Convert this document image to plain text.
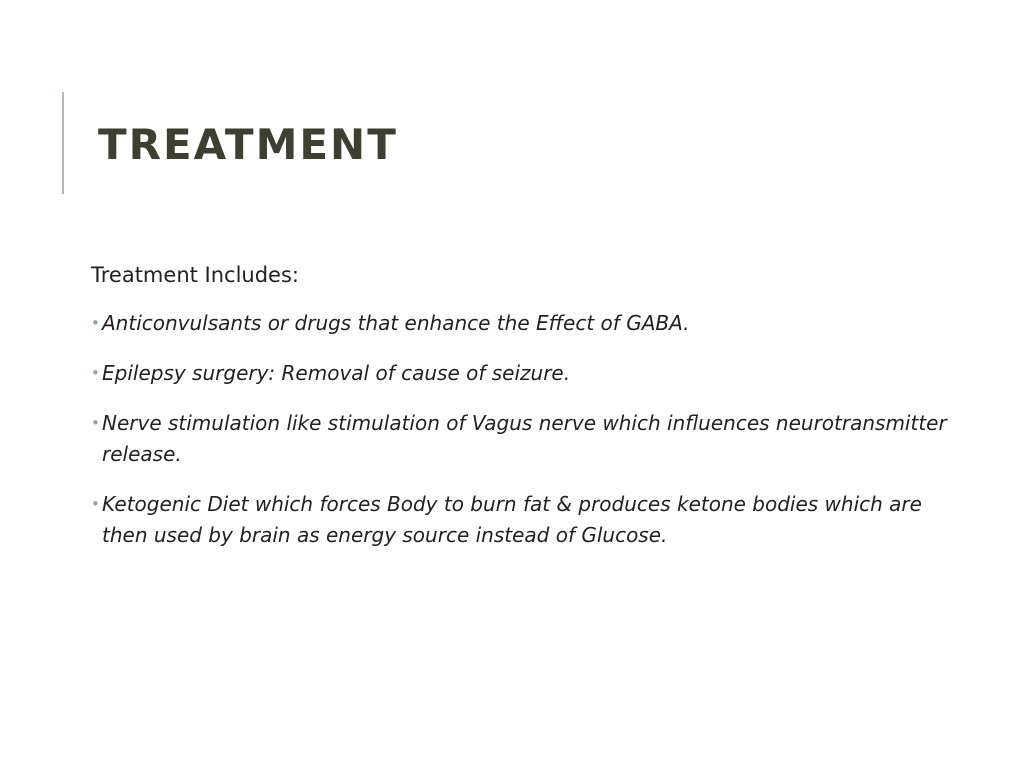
TREATMENT

Treatment Includes:

• Anticonvulsants or drugs that enhance the Effect of GABA.
• Epilepsy surgery: Removal of cause of seizure.
• Nerve stimulation like stimulation of Vagus nerve which influences neurotransmitter release.
• Ketogenic Diet which forces Body to burn fat & produces ketone bodies which are then used by brain as energy source instead of Glucose.
